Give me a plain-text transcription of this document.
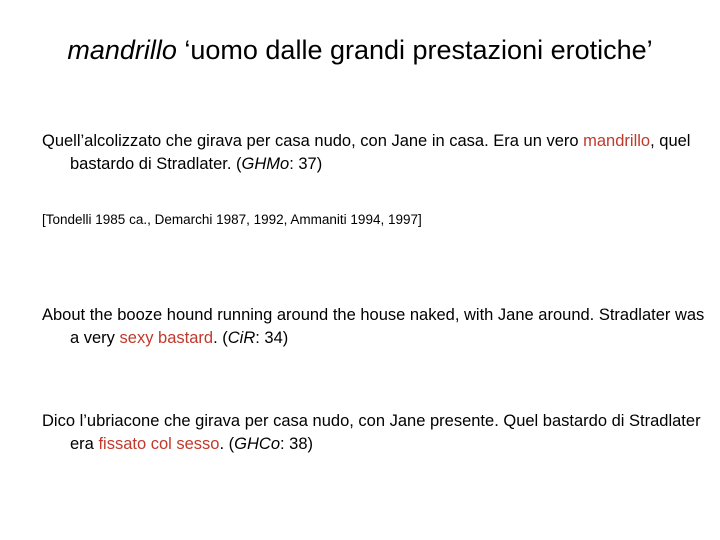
mandrillo ‘uomo dalle grandi prestazioni erotiche’
Quell’alcolizzato che girava per casa nudo, con Jane in casa. Era un vero mandrillo, quel bastardo di Stradlater. (GHMo: 37)
[Tondelli 1985 ca., Demarchi 1987, 1992, Ammaniti 1994, 1997]
About the booze hound running around the house naked, with Jane around. Stradlater was a very sexy bastard. (CiR: 34)
Dico l’ubriacone che girava per casa nudo, con Jane presente. Quel bastardo di Stradlater era fissato col sesso. (GHCo: 38)
